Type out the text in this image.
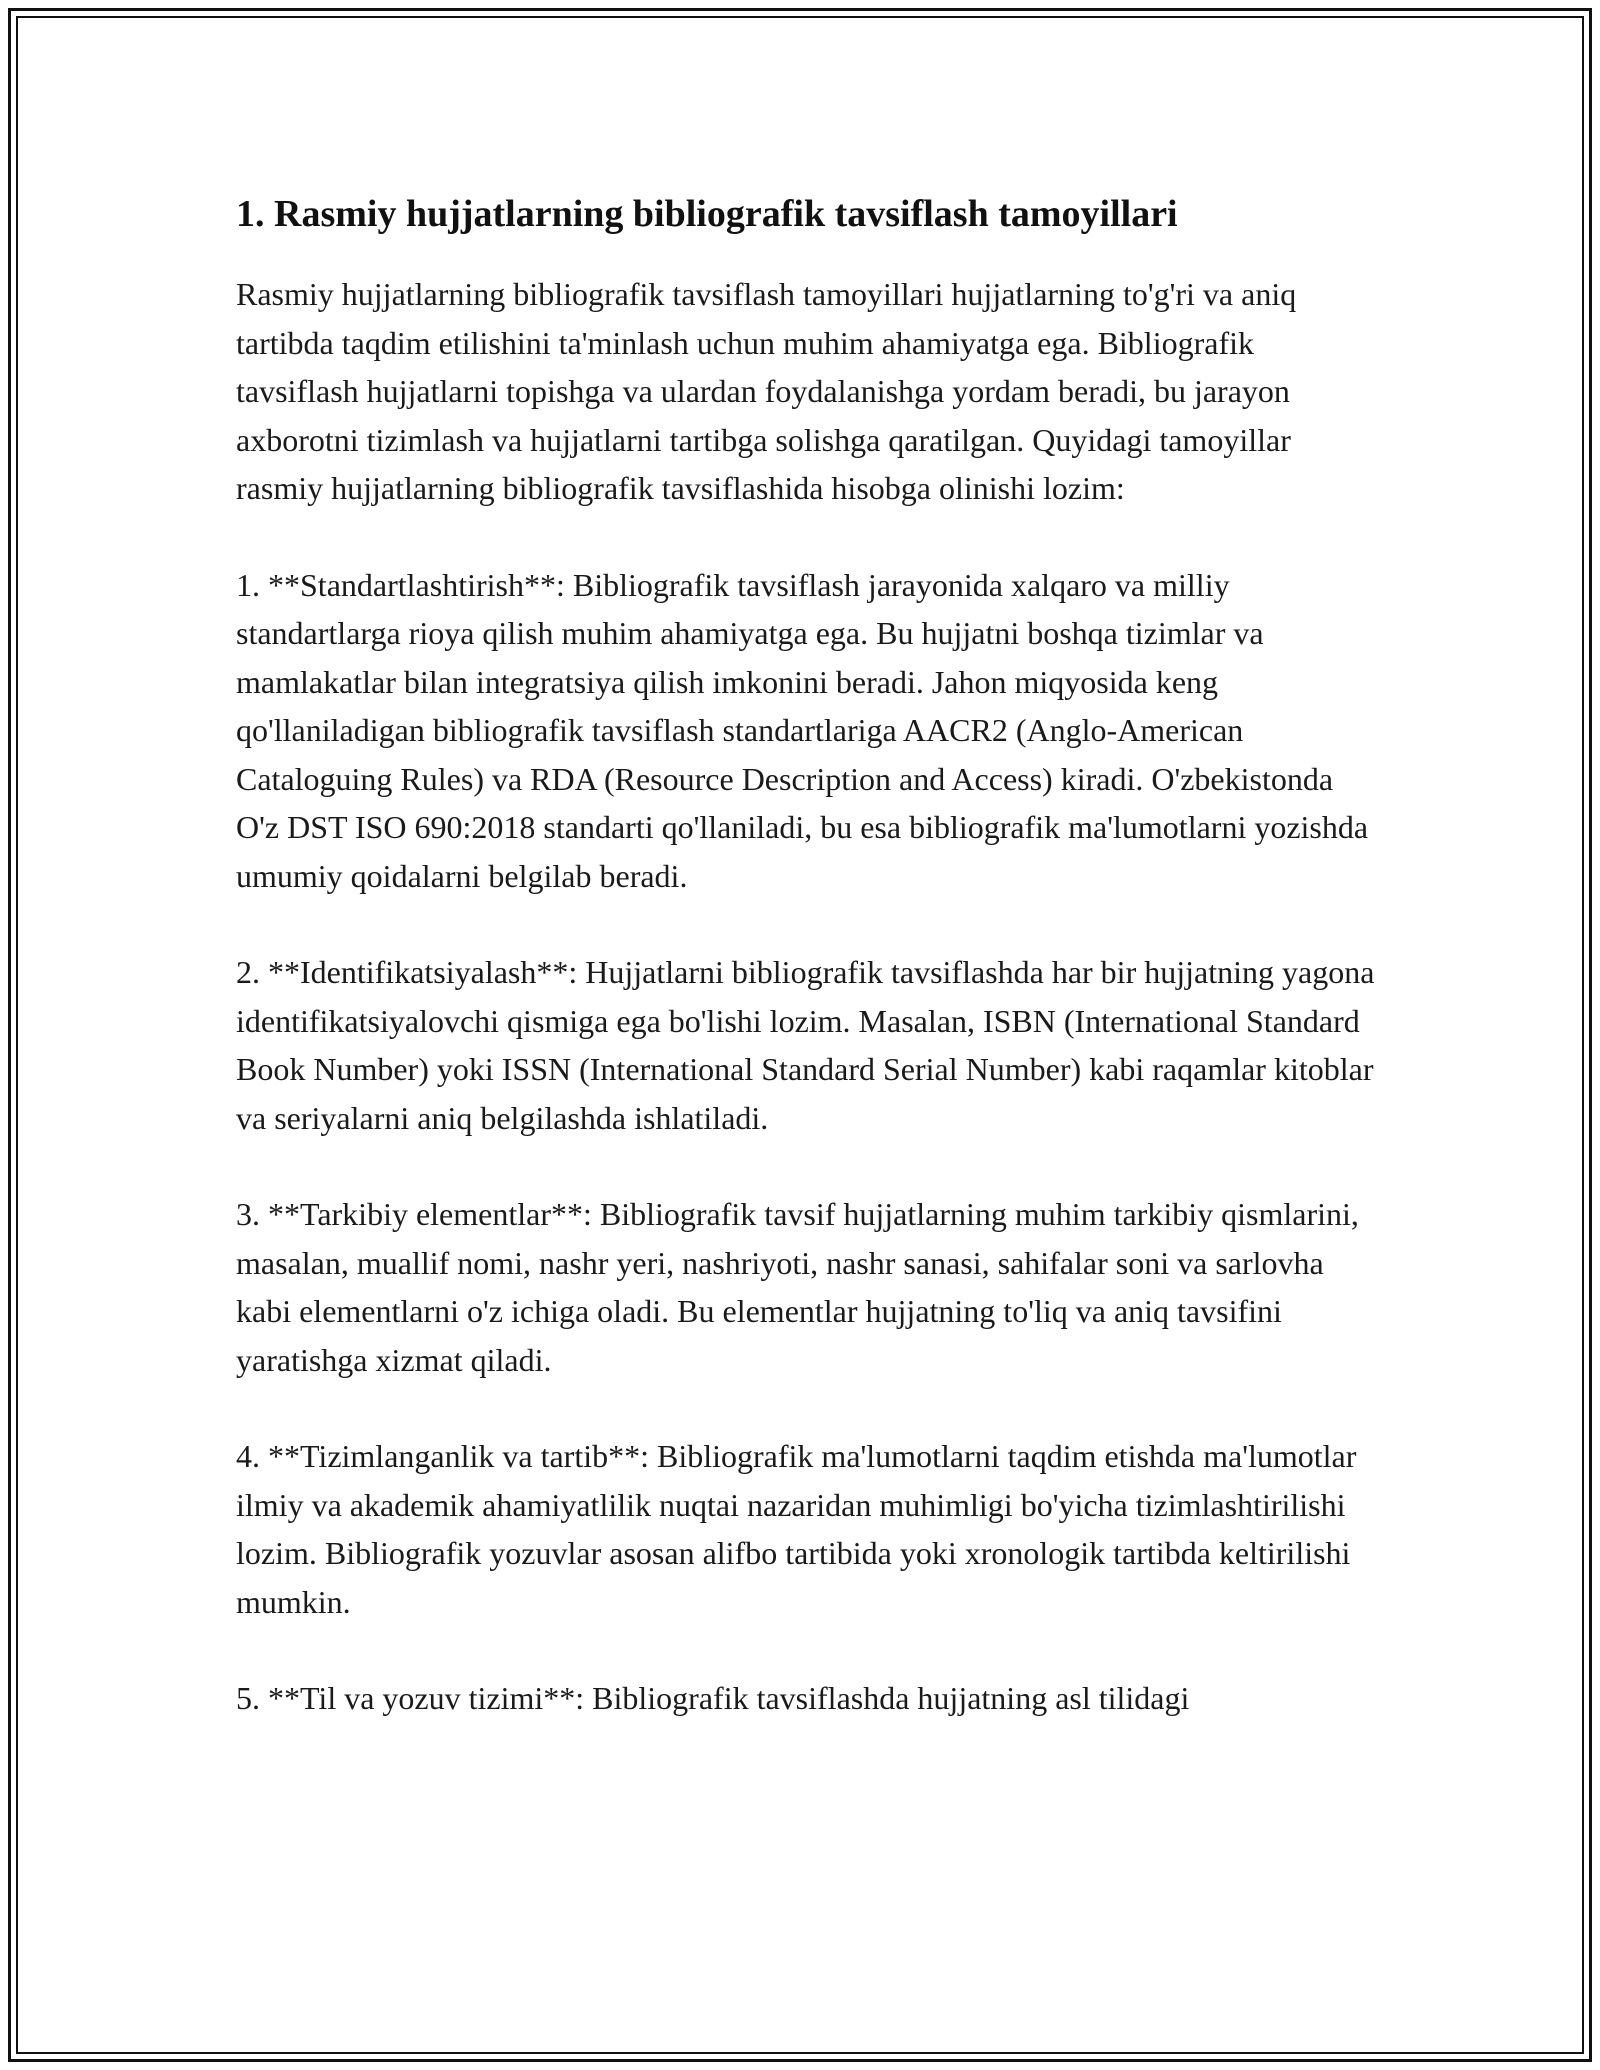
1. Rasmiy hujjatlarning bibliografik tavsiflash tamoyillari

Rasmiy hujjatlarning bibliografik tavsiflash tamoyillari hujjatlarning to'g'ri va aniq tartibda taqdim etilishini ta'minlash uchun muhim ahamiyatga ega. Bibliografik tavsiflash hujjatlarni topishga va ulardan foydalanishga yordam beradi, bu jarayon axborotni tizimlash va hujjatlarni tartibga solishga qaratilgan. Quyidagi tamoyillar rasmiy hujjatlarning bibliografik tavsiflashida hisobga olinishi lozim:

1. **Standartlashtirish**: Bibliografik tavsiflash jarayonida xalqaro va milliy standartlarga rioya qilish muhim ahamiyatga ega. Bu hujjatni boshqa tizimlar va mamlakatlar bilan integratsiya qilish imkonini beradi. Jahon miqyosida keng qo'llaniladigan bibliografik tavsiflash standartlariga AACR2 (Anglo-American Cataloguing Rules) va RDA (Resource Description and Access) kiradi. O'zbekistonda O'z DST ISO 690:2018 standarti qo'llaniladi, bu esa bibliografik ma'lumotlarni yozishda umumiy qoidalarni belgilab beradi.

2. **Identifikatsiyalash**: Hujjatlarni bibliografik tavsiflashda har bir hujjatning yagona identifikatsiyalovchi qismiga ega bo'lishi lozim. Masalan, ISBN (International Standard Book Number) yoki ISSN (International Standard Serial Number) kabi raqamlar kitoblar va seriyalarni aniq belgilashda ishlatiladi.

3. **Tarkibiy elementlar**: Bibliografik tavsif hujjatlarning muhim tarkibiy qismlarini, masalan, muallif nomi, nashr yeri, nashriyoti, nashr sanasi, sahifalar soni va sarlovha kabi elementlarni o'z ichiga oladi. Bu elementlar hujjatning to'liq va aniq tavsifini yaratishga xizmat qiladi.

4. **Tizimlanganlik va tartib**: Bibliografik ma'lumotlarni taqdim etishda ma'lumotlar ilmiy va akademik ahamiyatlilik nuqtai nazaridan muhimligi bo'yicha tizimlashtirilishi lozim. Bibliografik yozuvlar asosan alifbo tartibida yoki xronologik tartibda keltirilishi mumkin.

5. **Til va yozuv tizimi**: Bibliografik tavsiflashda hujjatning asl tilidagi
